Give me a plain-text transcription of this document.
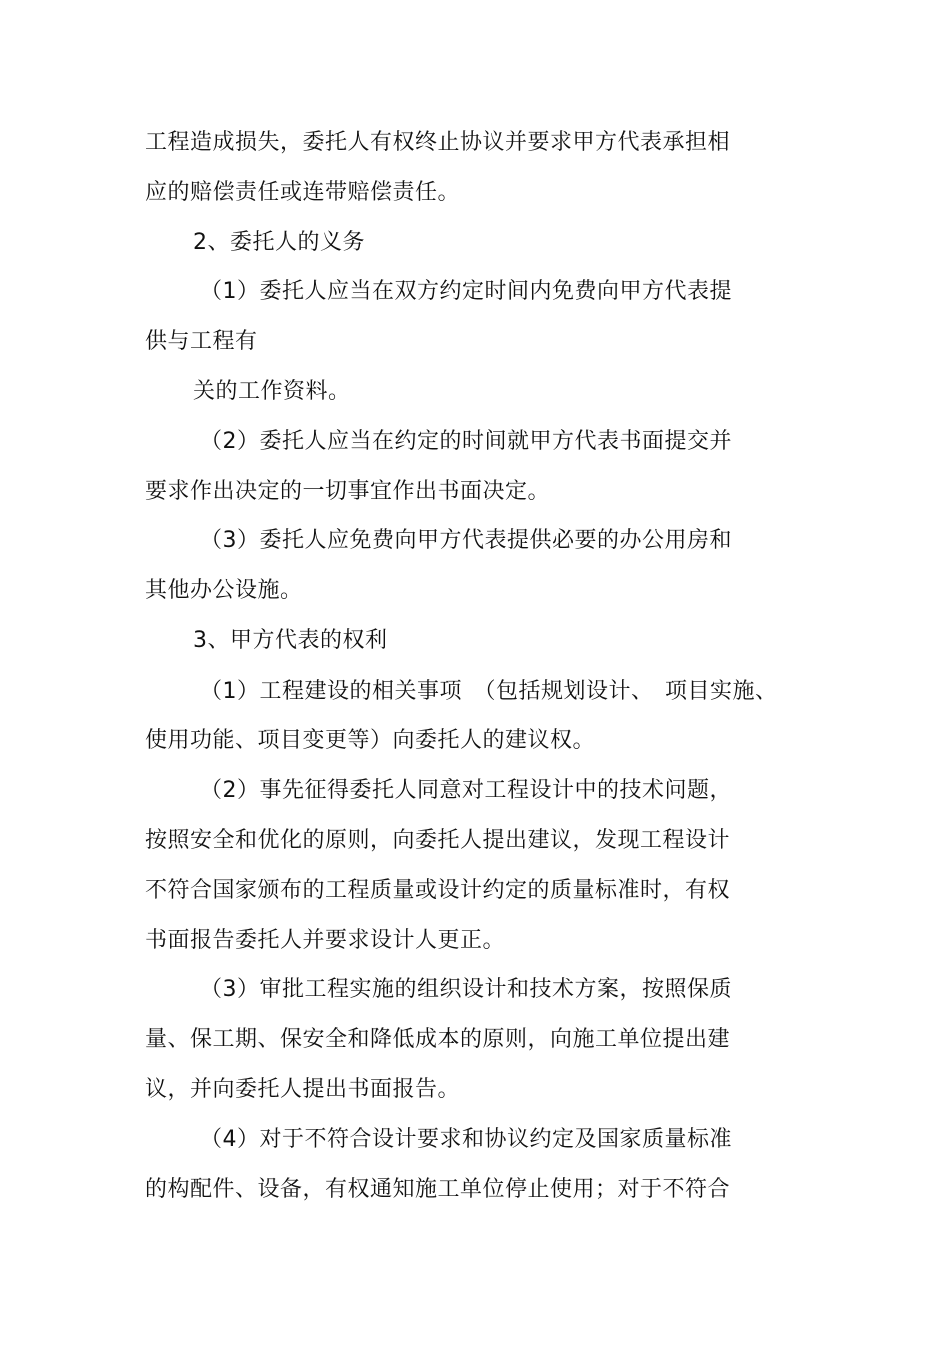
工程造成损失，委托人有权终止协议并要求甲方代表承担相
应的赔偿责任或连带赔偿责任。
2、委托人的义务
（1）委托人应当在双方约定时间内免费向甲方代表提
供与工程有
关的工作资料。
（2）委托人应当在约定的时间就甲方代表书面提交并
要求作出决定的一切事宜作出书面决定。
（3）委托人应免费向甲方代表提供必要的办公用房和
其他办公设施。
3、甲方代表的权利
（1）工程建设的相关事项　（包括规划设计、　项目实施、
使用功能、项目变更等）向委托人的建议权。
（2）事先征得委托人同意对工程设计中的技术问题，
按照安全和优化的原则，向委托人提出建议，发现工程设计
不符合国家颁布的工程质量或设计约定的质量标准时，有权
书面报告委托人并要求设计人更正。
（3）审批工程实施的组织设计和技术方案，按照保质
量、保工期、保安全和降低成本的原则，向施工单位提出建
议，并向委托人提出书面报告。
（4）对于不符合设计要求和协议约定及国家质量标准
的构配件、设备，有权通知施工单位停止使用；对于不符合
